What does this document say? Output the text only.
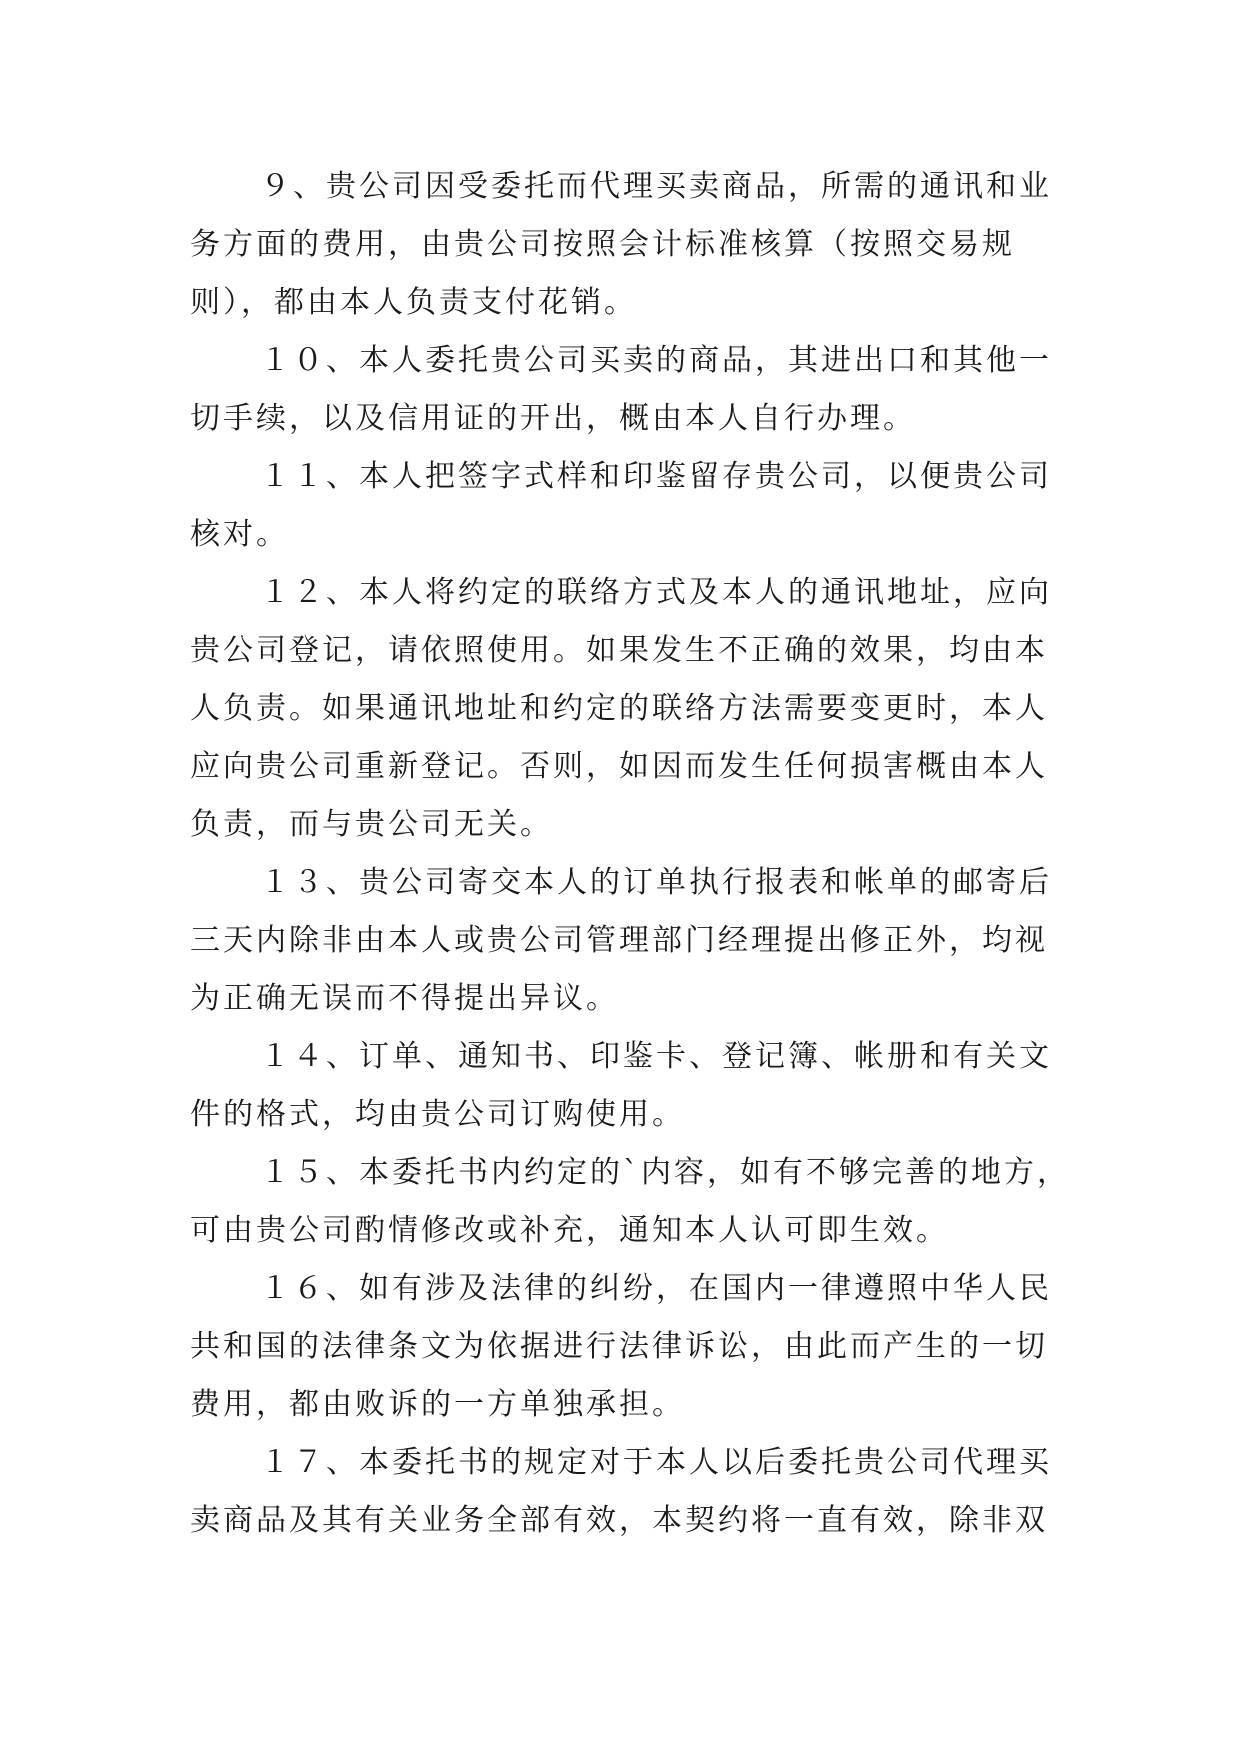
９、贵公司因受委托而代理买卖商品，所需的通讯和业
务方面的费用，由贵公司按照会计标准核算（按照交易规
则），都由本人负责支付花销。

１０、本人委托贵公司买卖的商品，其进出口和其他一
切手续，以及信用证的开出，概由本人自行办理。

１１、本人把签字式样和印鉴留存贵公司，以便贵公司
核对。

１２、本人将约定的联络方式及本人的通讯地址，应向
贵公司登记，请依照使用。如果发生不正确的效果，均由本
人负责。如果通讯地址和约定的联络方法需要变更时，本人
应向贵公司重新登记。否则，如因而发生任何损害概由本人
负责，而与贵公司无关。

１３、贵公司寄交本人的订单执行报表和帐单的邮寄后
三天内除非由本人或贵公司管理部门经理提出修正外，均视
为正确无误而不得提出异议。

１４、订单、通知书、印鉴卡、登记簿、帐册和有关文
件的格式，均由贵公司订购使用。

１５、本委托书内约定的`内容，如有不够完善的地方，
可由贵公司酌情修改或补充，通知本人认可即生效。

１６、如有涉及法律的纠纷，在国内一律遵照中华人民
共和国的法律条文为依据进行法律诉讼，由此而产生的一切
费用，都由败诉的一方单独承担。

１７、本委托书的规定对于本人以后委托贵公司代理买
卖商品及其有关业务全部有效，本契约将一直有效，除非双
